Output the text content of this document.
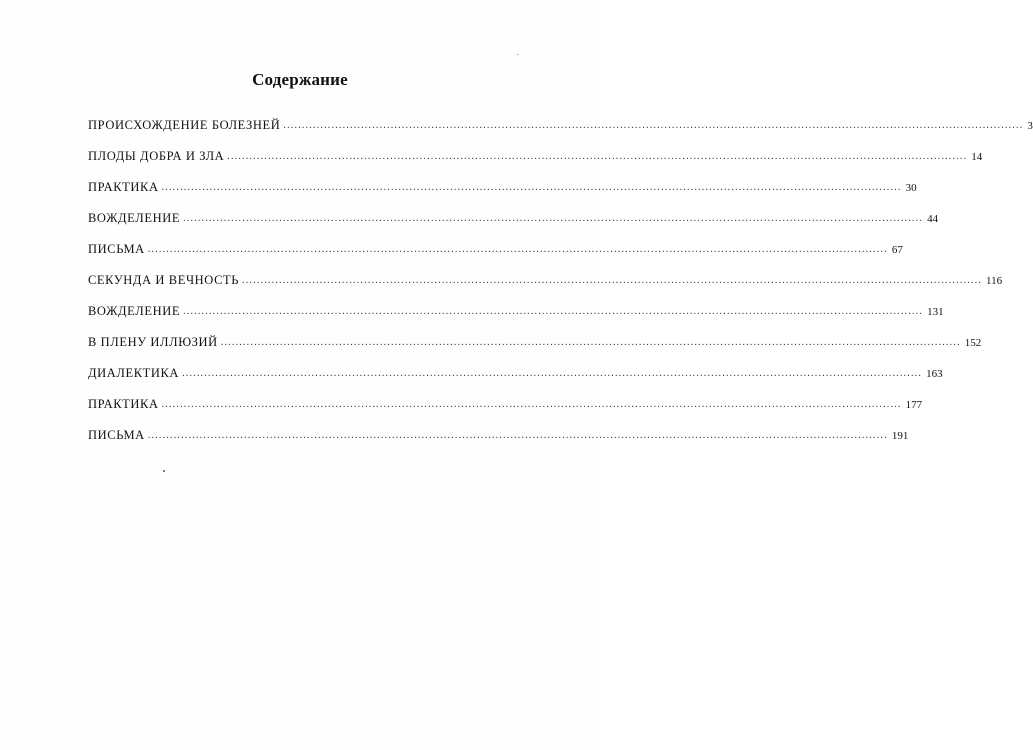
Содержание
ПРОИСХОЖДЕНИЕ БОЛЕЗНЕЙ ........................................................................................................................................................................................................ 3
ПЛОДЫ ДОБРА И ЗЛА ........................................................................................................................................................................................................ 14
ПРАКТИКА ........................................................................................................................................................................................................ 30
ВОЖДЕЛЕНИЕ ........................................................................................................................................................................................................ 44
ПИСЬМА ........................................................................................................................................................................................................ 67
СЕКУНДА И ВЕЧНОСТЬ ........................................................................................................................................................................................................ 116
ВОЖДЕЛЕНИЕ ........................................................................................................................................................................................................ 131
В ПЛЕНУ ИЛЛЮЗИЙ ........................................................................................................................................................................................................ 152
ДИАЛЕКТИКА ........................................................................................................................................................................................................ 163
ПРАКТИКА ........................................................................................................................................................................................................ 177
ПИСЬМА ........................................................................................................................................................................................................ 191
